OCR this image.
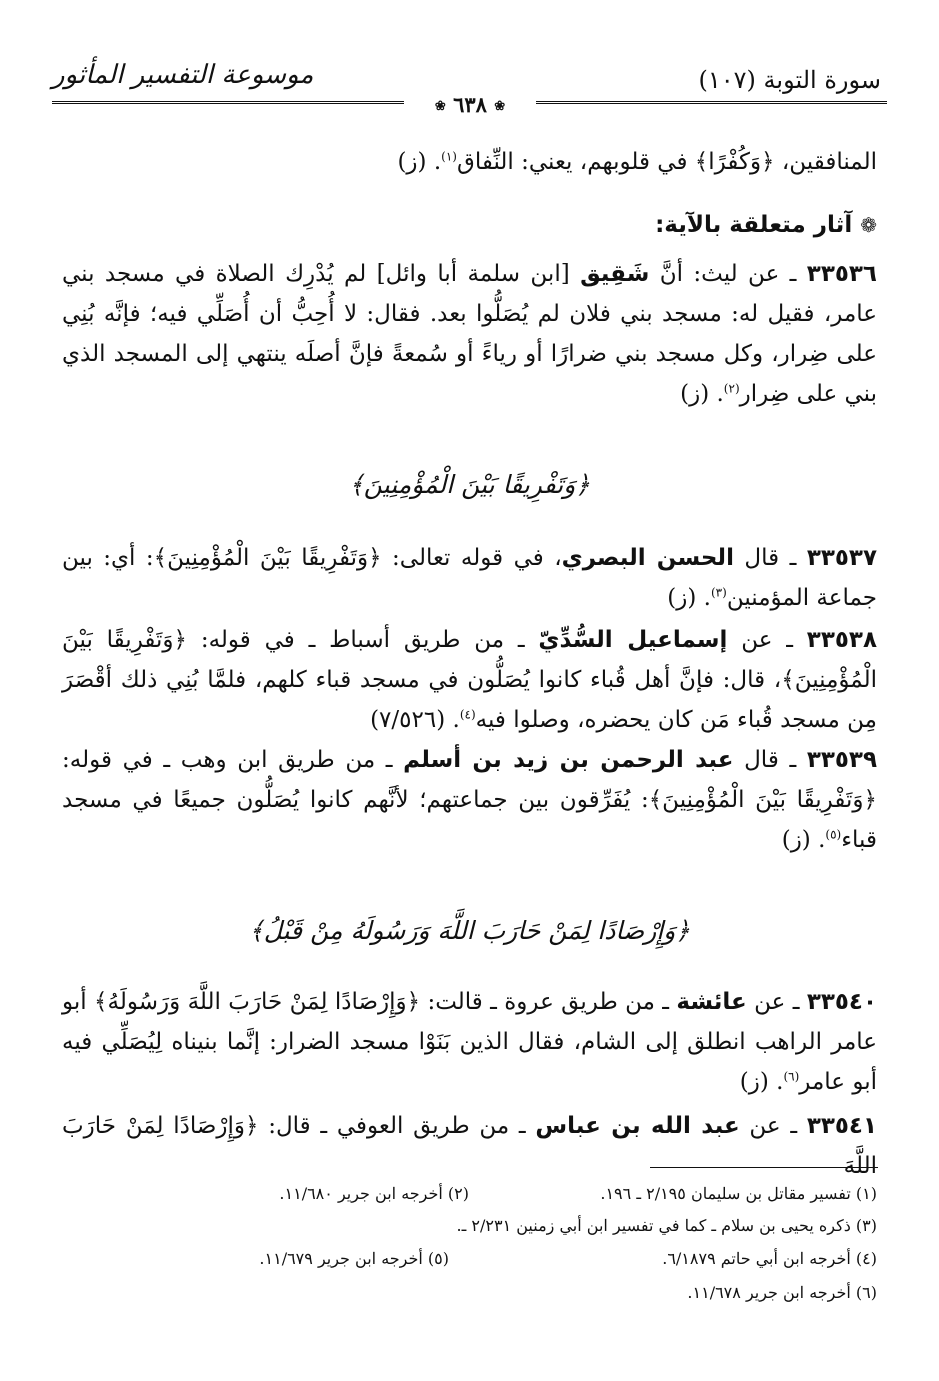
سورة التوبة (١٠٧)
موسوعة التفسير المأثور
❀ ٦٣٨ ❀
المنافقين، ﴿وَكُفْرًا﴾ في قلوبهم، يعني: النِّفاق$^{(١)}$. (ز)
❁ آثار متعلقة بالآية:
٣٣٥٣٦ ـ عن ليث: أنَّ شَقِيق [ابن سلمة أبا وائل] لم يُدْرِك الصلاة في مسجد بني عامر، فقيل له: مسجد بني فلان لم يُصَلُّوا بعد. فقال: لا أُحِبُّ أن أُصَلِّي فيه؛ فإنَّه بُنِي على ضِرار، وكل مسجد بني ضرارًا أو رياءً أو سُمعةً فإنَّ أصلَه ينتهي إلى المسجد الذي بني على ضِرار$^{(٢)}$. (ز)
﴿وَتَفْرِيقًا بَيْنَ الْمُؤْمِنِينَ﴾
٣٣٥٣٧ ـ قال الحسن البصري، في قوله تعالى: ﴿وَتَفْرِيقًا بَيْنَ الْمُؤْمِنِينَ﴾: أي: بين جماعة المؤمنين$^{(٣)}$. (ز)
٣٣٥٣٨ ـ عن إسماعيل السُّدِّيّ ـ من طريق أسباط ـ في قوله: ﴿وَتَفْرِيقًا بَيْنَ الْمُؤْمِنِينَ﴾، قال: فإنَّ أهل قُباء كانوا يُصَلُّون في مسجد قباء كلهم، فلمَّا بُنِي ذلك أقْصَرَ مِن مسجد قُباء مَن كان يحضره، وصلوا فيه$^{(٤)}$. (٧/٥٢٦)
٣٣٥٣٩ ـ قال عبد الرحمن بن زيد بن أسلم ـ من طريق ابن وهب ـ في قوله: ﴿وَتَفْرِيقًا بَيْنَ الْمُؤْمِنِينَ﴾: يُفَرِّقون بين جماعتهم؛ لأنَّهم كانوا يُصَلُّون جميعًا في مسجد قباء$^{(٥)}$. (ز)
﴿وَإِرْصَادًا لِمَنْ حَارَبَ اللَّهَ وَرَسُولَهُ مِنْ قَبْلُ﴾
٣٣٥٤٠ ـ عن عائشة ـ من طريق عروة ـ قالت: ﴿وَإِرْصَادًا لِمَنْ حَارَبَ اللَّهَ وَرَسُولَهُ﴾ أبو عامر الراهب انطلق إلى الشام، فقال الذين بَنَوْا مسجد الضرار: إنَّما بنيناه لِيُصَلِّي فيه أبو عامر$^{(٦)}$. (ز)
٣٣٥٤١ ـ عن عبد الله بن عباس ـ من طريق العوفي ـ قال: ﴿وَإِرْصَادًا لِمَنْ حَارَبَ اللَّهَ
(١) تفسير مقاتل بن سليمان ٢/١٩٥ ـ ١٩٦.
(٢) أخرجه ابن جرير ١١/٦٨٠.
(٣) ذكره يحيى بن سلام ـ كما في تفسير ابن أبي زمنين ٢/٢٣١ ـ.
(٤) أخرجه ابن أبي حاتم ٦/١٨٧٩.
(٥) أخرجه ابن جرير ١١/٦٧٩.
(٦) أخرجه ابن جرير ١١/٦٧٨.
